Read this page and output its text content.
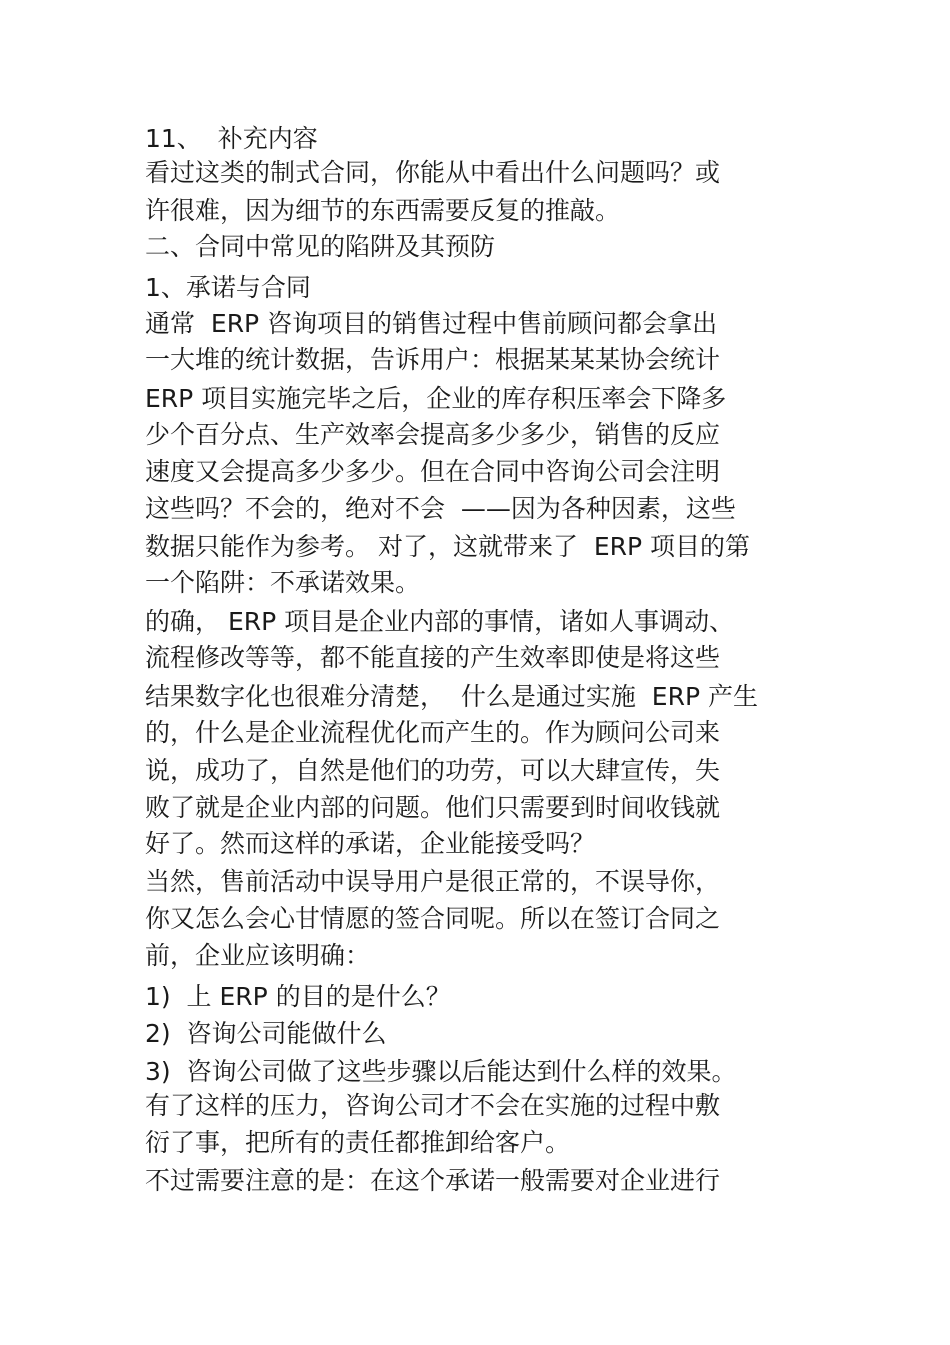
11、  补充内容

看过这类的制式合同，你能从中看出什么问题吗？或

许很难，因为细节的东西需要反复的推敲。

二、合同中常见的陷阱及其预防

1、承诺与合同

通常  ERP 咨询项目的销售过程中售前顾问都会拿出

一大堆的统计数据，告诉用户：根据某某某协会统计

ERP 项目实施完毕之后，企业的库存积压率会下降多

少个百分点、生产效率会提高多少多少，销售的反应

速度又会提高多少多少。但在合同中咨询公司会注明

这些吗？不会的，绝对不会  ——因为各种因素，这些

数据只能作为参考。 对了，这就带来了  ERP 项目的第

一个陷阱：不承诺效果。

的确， ERP 项目是企业内部的事情，诸如人事调动、

流程修改等等，都不能直接的产生效率即使是将这些

结果数字化也很难分清楚，  什么是通过实施  ERP 产生

的，什么是企业流程优化而产生的。作为顾问公司来

说，成功了，自然是他们的功劳，可以大肆宣传，失

败了就是企业内部的问题。他们只需要到时间收钱就

好了。然而这样的承诺，企业能接受吗？

当然，售前活动中误导用户是很正常的，不误导你，

你又怎么会心甘情愿的签合同呢。所以在签订合同之

前，企业应该明确：

1)  上 ERP 的目的是什么？

2)  咨询公司能做什么

3)  咨询公司做了这些步骤以后能达到什么样的效果。

有了这样的压力，咨询公司才不会在实施的过程中敷

衍了事，把所有的责任都推卸给客户。

不过需要注意的是：在这个承诺一般需要对企业进行
